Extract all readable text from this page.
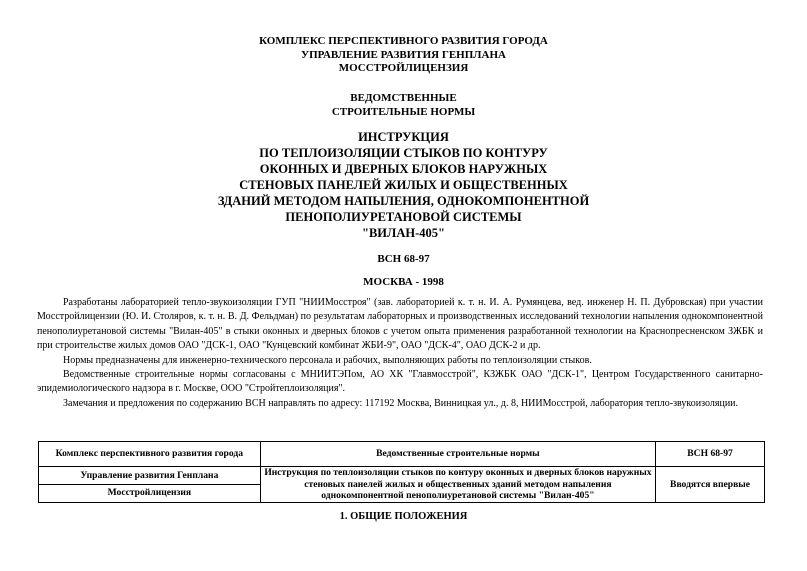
КОМПЛЕКС ПЕРСПЕКТИВНОГО РАЗВИТИЯ ГОРОДА
УПРАВЛЕНИЕ РАЗВИТИЯ ГЕНПЛАНА
МОССТРОЙЛИЦЕНЗИЯ
ВЕДОМСТВЕННЫЕ
СТРОИТЕЛЬНЫЕ НОРМЫ
ИНСТРУКЦИЯ
ПО ТЕПЛОИЗОЛЯЦИИ СТЫКОВ ПО КОНТУРУ
ОКОННЫХ И ДВЕРНЫХ БЛОКОВ НАРУЖНЫХ
СТЕНОВЫХ ПАНЕЛЕЙ ЖИЛЫХ И ОБЩЕСТВЕННЫХ
ЗДАНИЙ МЕТОДОМ НАПЫЛЕНИЯ, ОДНОКОМПОНЕНТНОЙ
ПЕНОПОЛИУРЕТАНОВОЙ СИСТЕМЫ
"ВИЛАН-405"
ВСН 68-97
МОСКВА - 1998

Разработаны лабораторией тепло-звукоизоляции ГУП "НИИМосстроя" (зав. лабораторией к. т. н. И. А. Румянцева, вед. инженер Н. П. Дубровская) при участии Мосстройлицензии (Ю. И. Столяров, к. т. н. В. Д. Фельдман) по результатам лабораторных и производственных исследований технологии напыления однокомпонентной пенополиуретановой системы "Вилан-405" в стыки оконных и дверных блоков с учетом опыта применения разработанной технологии на Краснопресненском ЗЖБК и при строительстве жилых домов ОАО "ДСК-1, ОАО "Кунцевский комбинат ЖБИ-9", ОАО "ДСК-4", ОАО ДСК-2 и др.

Нормы предназначены для инженерно-технического персонала и рабочих, выполняющих работы по теплоизоляции стыков.

Ведомственные строительные нормы согласованы с МНИИТЭПом, АО ХК "Главмосстрой", КЗЖБК ОАО "ДСК-1", Центром Государственного санитарно-эпидемиологического надзора в г. Москве, ООО "Стройтеплоизоляция".

Замечания и предложения по содержанию ВСН направлять по адресу: 117192 Москва, Винницкая ул., д. 8, НИИМосстрой, лаборатория тепло-звукоизоляции.

Комплекс перспективного развития города	Ведомственные строительные нормы	ВСН 68-97
Управление развития Генплана	Инструкция по теплоизоляции стыков по контуру оконных и дверных блоков наружных стеновых панелей жилых и общественных зданий методом напыления однокомпонентной пенополиуретановой системы "Вилан-405"	Вводятся впервые
Мосстройлицензия		
1. ОБЩИЕ ПОЛОЖЕНИЯ
